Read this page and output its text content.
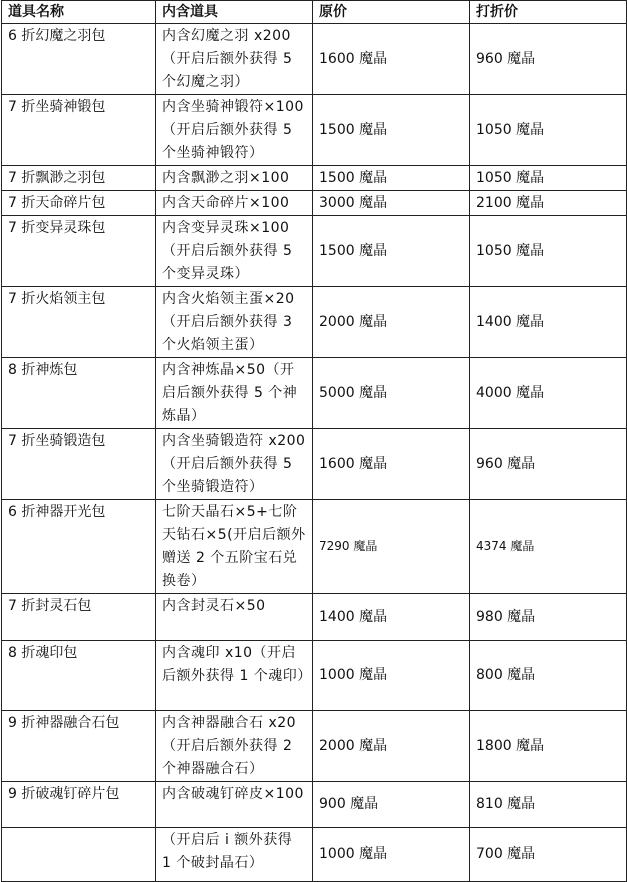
道具名称	内含道具	原价	打折价
6 折幻魔之羽包	内含幻魔之羽 x200（开启后额外获得 5 个幻魔之羽）	1600 魔晶	960 魔晶
7 折坐骑神锻包	内含坐骑神锻符×100（开启后额外获得 5 个坐骑神锻符）	1500 魔晶	1050 魔晶
7 折飘渺之羽包	内含飘渺之羽×100	1500 魔晶	1050 魔晶
7 折天命碎片包	内含天命碎片×100	3000 魔晶	2100 魔晶
7 折变异灵珠包	内含变异灵珠×100（开启后额外获得 5 个变异灵珠）	1500 魔晶	1050 魔晶
7 折火焰领主包	内含火焰领主蛋×20（开启后额外获得 3 个火焰领主蛋）	2000 魔晶	1400 魔晶
8 折神炼包	内含神炼晶×50（开启后额外获得 5 个神炼晶）	5000 魔晶	4000 魔晶
7 折坐骑锻造包	内含坐骑锻造符 x200（开启后额外获得 5 个坐骑锻造符）	1600 魔晶	960 魔晶
6 折神器开光包	七阶天晶石×5+七阶天钻石×5(开启后额外赠送 2 个五阶宝石兑换卷）	7290 魔晶	4374 魔晶
7 折封灵石包	内含封灵石×50	1400 魔晶	980 魔晶
8 折魂印包	内含魂印 x10（开启后额外获得 1 个魂印）	1000 魔晶	800 魔晶
9 折神器融合石包	内含神器融合石 x20（开启后额外获得 2 个神器融合石）	2000 魔晶	1800 魔晶
9 折破魂钉碎片包	内含破魂钉碎皮×100	900 魔晶	810 魔晶
	（开启后 i 额外获得 1 个破封晶石）	1000 魔晶	700 魔晶
